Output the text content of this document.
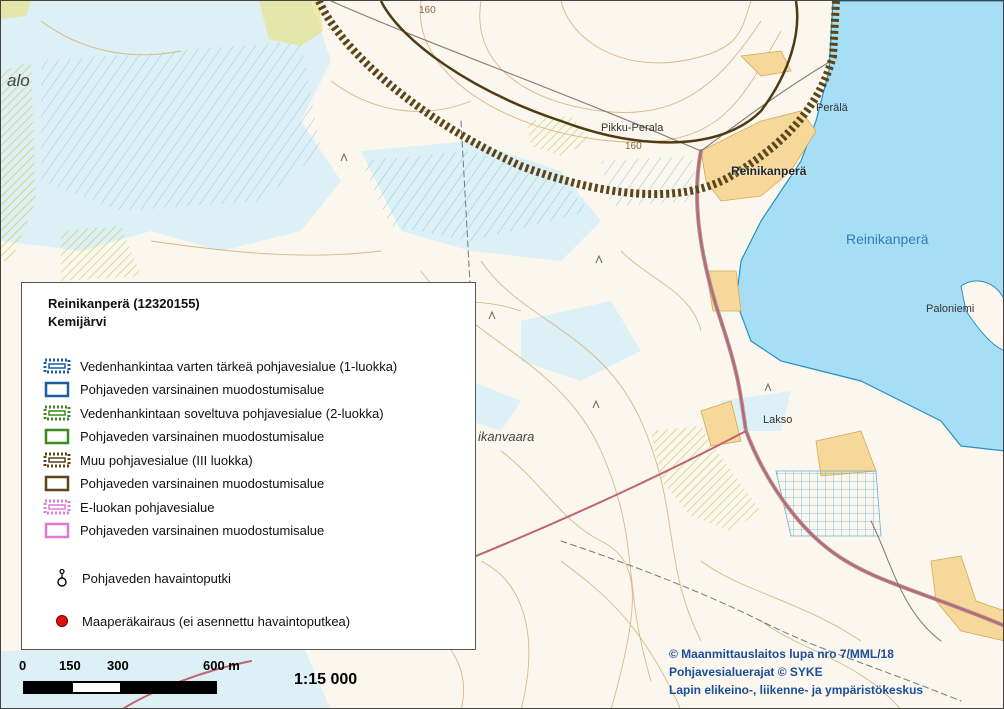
Reinikanperä
Reinikanperä
Pikku-Perala
Perälä
Paloniemi
Lakso
ikanvaara
alo
160
160
Reinikanperä (12320155)
Kemijärvi
Vedenhankintaa varten tärkeä pohjavesialue (1-luokka)
Pohjaveden varsinainen muodostumisalue
Vedenhankintaan soveltuva pohjavesialue (2-luokka)
Pohjaveden varsinainen muodostumisalue
Muu pohjavesialue (III luokka)
Pohjaveden varsinainen muodostumisalue
E-luokan pohjavesialue
Pohjaveden varsinainen muodostumisalue
Pohjaveden havaintoputki
Maaperäkairaus (ei asennettu havaintoputkea)
0	150 300	600 m
1:15 000
© Maanmittauslaitos lupa nro 7/MML/18
Pohjavesialuerajat © SYKE
Lapin elikeino-, liikenne- ja ympäristökeskus
